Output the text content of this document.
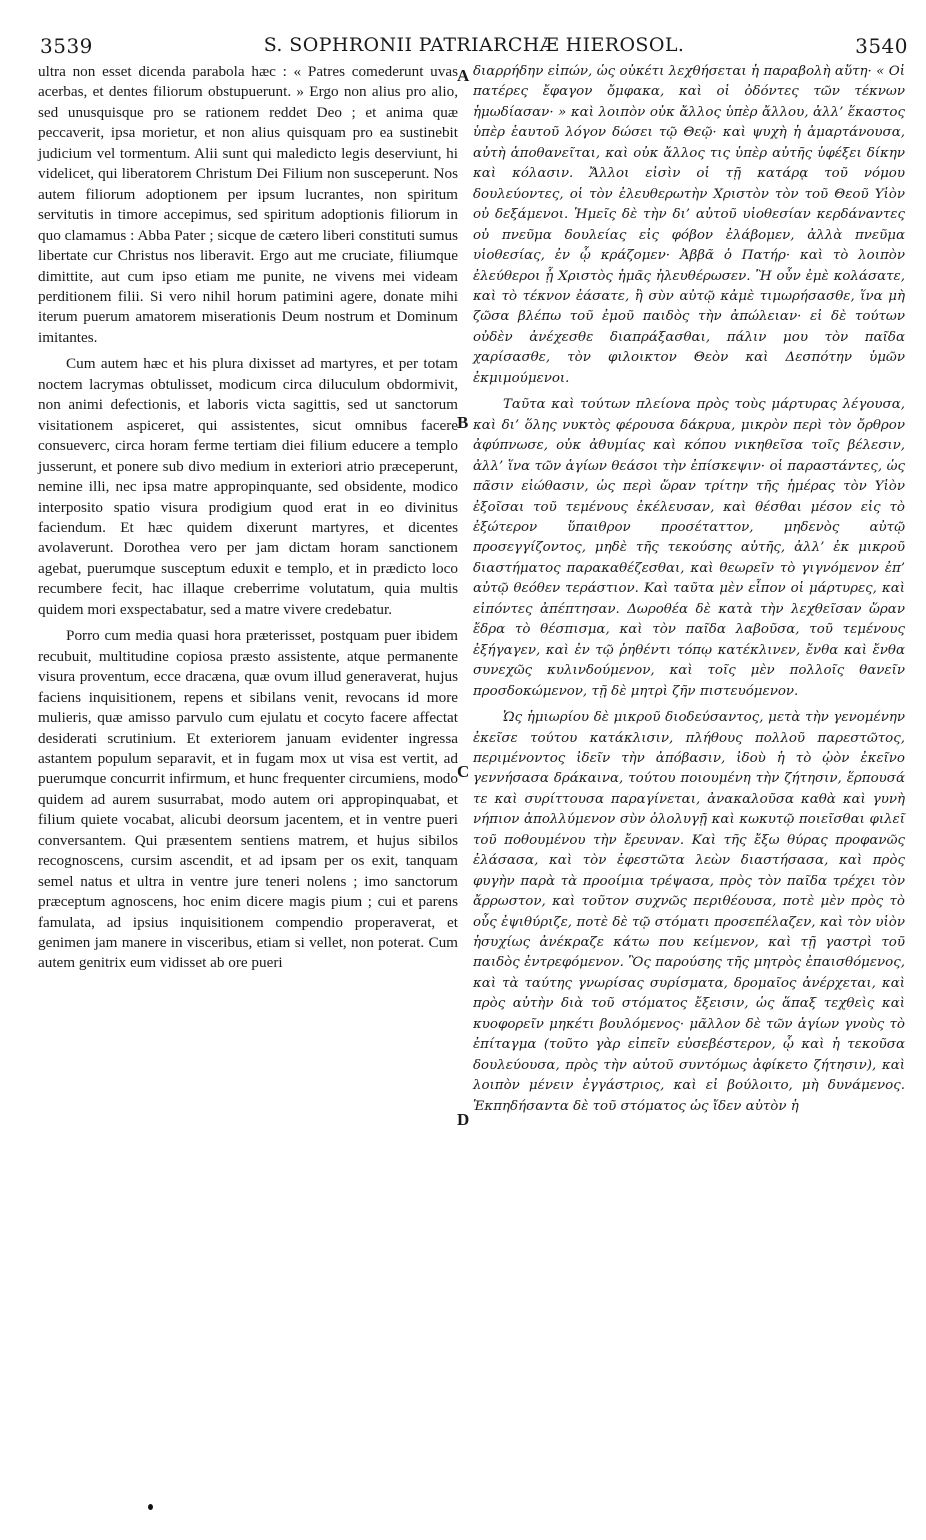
3539	S. SOPHRONII PATRIARCHÆ HIEROSOL.	3540

ultra non esset dicenda parabola hæc : « Patres comederunt uvas acerbas, et dentes filiorum obstupuerunt. » Ergo non alius pro alio, sed unusquisque pro se rationem reddet Deo ; et anima quæ peccaverit, ipsa morietur, et non alius quisquam pro ea sustinebit judicium vel tormentum. Alii sunt qui maledicto legis deserviunt, hi videlicet, qui liberatorem Christum Dei Filium non susceperunt. Nos autem filiorum adoptionem per ipsum lucrantes, non spiritum servitutis in timore accepimus, sed spiritum adoptionis filiorum in quo clamamus : Abba Pater ; sicque de cætero liberi constituti sumus libertate cur Christus nos liberavit. Ergo aut me cruciate, filiumque dimittite, aut cum ipso etiam me punite, ne vivens mei videam perditionem filii. Si vero nihil horum patimini agere, donate mihi iterum puerum amatorem miserationis Deum nostrum et Dominum imitantes.

Cum autem hæc et his plura dixisset ad martyres, et per totam noctem lacrymas obtulisset, modicum circa diluculum obdormivit, non animi defectionis, et laboris victa sagittis, sed ut sanctorum visitationem aspiceret, qui assistentes, sicut omnibus facere consueverc, circa horam ferme tertiam diei filium educere a templo jusserunt, et ponere sub divo medium in exteriori atrio præceperunt, nemine illi, nec ipsa matre appropinquante, sed obsidente, modico interposito spatio visura prodigium quod erat in eo divinitus faciendum. Et hæc quidem dixerunt martyres, et dicentes avolaverunt. Dorothea vero per jam dictam horam sanctionem agebat, puerumque susceptum eduxit e templo, et in prædicto loco recumbere fecit, hac illaque creberrime volutatum, quia multis quidem mori exspectabatur, sed a matre vivere credebatur.

Porro cum media quasi hora præterisset, postquam puer ibidem recubuit, multitudine copiosa præsto assistente, atque permanente visura proventum, ecce dracæna, quæ ovum illud generaverat, hujus faciens inquisitionem, repens et sibilans venit, revocans id more mulieris, quæ amisso parvulo cum ejulatu et cocyto facere affectat desiderati scrutinium. Et exteriorem januam evidenter ingressa astantem populum separavit, et in fugam mox ut visa est vertit, ad puerumque concurrit infirmum, et hunc frequenter circumiens, modo quidem ad aurem susurrabat, modo autem ori appropinquabat, et filium quiete vocabat, alicubi deorsum jacentem, et in ventre pueri conversantem. Qui præsentem sentiens matrem, et hujus sibilos recognoscens, cursim ascendit, et ad ipsam per os exit, tanquam semel natus et ultra in ventre jure teneri nolens ; imo sanctorum præceptum agnoscens, hoc enim dicere magis pium ; cui et parens famulata, ad ipsius inquisitionem compendio properaverat, et genimen jam manere in visceribus, etiam si vellet, non poterat. Cum autem genitrix eum vidisset ab ore pueri

A
B
C
D

διαρρήδην εἰπών, ὡς οὐκέτι λεχθήσεται ἡ παραβολὴ αὕτη· « Οἱ πατέρες ἔφαγον ὄμφακα, καὶ οἱ ὀδόντες τῶν τέκνων ἡμωδίασαν· » καὶ λοιπὸν οὐκ ἄλλος ὑπὲρ ἄλλου, ἀλλ’ ἕκαστος ὑπὲρ ἑαυτοῦ λόγον δώσει τῷ Θεῷ· καὶ ψυχὴ ἡ ἁμαρτάνουσα, αὐτὴ ἀποθανεῖται, καὶ οὐκ ἄλλος τις ὑπὲρ αὐτῆς ὑφέξει δίκην καὶ κόλασιν. Ἄλλοι εἰσὶν οἱ τῇ κατάρᾳ τοῦ νόμου δουλεύοντες, οἱ τὸν ἐλευθερωτὴν Χριστὸν τὸν τοῦ Θεοῦ Υἱὸν οὐ δεξάμενοι. Ἡμεῖς δὲ τὴν δι’ αὐτοῦ υἱοθεσίαν κερδάναντες οὐ πνεῦμα δουλείας εἰς φόβον ἐλάβομεν, ἀλλὰ πνεῦμα υἱοθεσίας, ἐν ᾧ κράζομεν· Ἀββᾶ ὁ Πατήρ· καὶ τὸ λοιπὸν ἐλεύθεροι ᾗ Χριστὸς ἡμᾶς ἠλευθέρωσεν. Ἢ οὖν ἐμὲ κολάσατε, καὶ τὸ τέκνον ἐάσατε, ἢ σὺν αὐτῷ κἀμὲ τιμωρήσασθε, ἵνα μὴ ζῶσα βλέπω τοῦ ἐμοῦ παιδὸς τὴν ἀπώλειαν· εἰ δὲ τούτων οὐδὲν ἀνέχεσθε διαπράξασθαι, πάλιν μου τὸν παῖδα χαρίσασθε, τὸν φιλοικτον Θεὸν καὶ Δεσπότην ὑμῶν ἐκμιμούμενοι.

Ταῦτα καὶ τούτων πλείονα πρὸς τοὺς μάρτυρας λέγουσα, καὶ δι’ ὅλης νυκτὸς φέρουσα δάκρυα, μικρὸν περὶ τὸν ὄρθρον ἀφύπνωσε, οὐκ ἀθυμίας καὶ κόπου νικηθεῖσα τοῖς βέλεσιν, ἀλλ’ ἵνα τῶν ἁγίων θεάσοι τὴν ἐπίσκεψιν· οἱ παραστάντες, ὡς πᾶσιν εἰώθασιν, ὡς περὶ ὥραν τρίτην τῆς ἡμέρας τὸν Υἱὸν ἐξοῖσαι τοῦ τεμένους ἐκέλευσαν, καὶ θέσθαι μέσον εἰς τὸ ἐξώτερον ὕπαιθρον προσέταττον, μηδενὸς αὐτῷ προσεγγίζοντος, μηδὲ τῆς τεκούσης αὐτῆς, ἀλλ’ ἐκ μικροῦ διαστήματος παρακαθέζεσθαι, καὶ θεωρεῖν τὸ γιγνόμενον ἐπ’ αὐτῷ θεόθεν τεράστιον. Καὶ ταῦτα μὲν εἶπον οἱ μάρτυρες, καὶ εἰπόντες ἀπέπτησαν. Δωροθέα δὲ κατὰ τὴν λεχθεῖσαν ὥραν ἔδρα τὸ θέσπισμα, καὶ τὸν παῖδα λαβοῦσα, τοῦ τεμένους ἐξήγαγεν, καὶ ἐν τῷ ῥηθέντι τόπῳ κατέκλινεν, ἔνθα καὶ ἔνθα συνεχῶς κυλινδούμενον, καὶ τοῖς μὲν πολλοῖς θανεῖν προσδοκώμενον, τῇ δὲ μητρὶ ζῆν πιστευόμενον.

Ὡς ἡμιωρίου δὲ μικροῦ διοδεύσαντος, μετὰ τὴν γενομένην ἐκεῖσε τούτου κατάκλισιν, πλήθους πολλοῦ παρεστῶτος, περιμένοντος ἰδεῖν τὴν ἀπόβασιν, ἰδοὺ ἡ τὸ ᾠὸν ἐκεῖνο γεννήσασα δράκαινα, τούτου ποιουμένη τὴν ζήτησιν, ἕρπουσά τε καὶ συρίττουσα παραγίνεται, ἀνακαλοῦσα καθὰ καὶ γυνὴ νήπιον ἀπολλύμενον σὺν ὀλολυγῇ καὶ κωκυτῷ ποιεῖσθαι φιλεῖ τοῦ ποθουμένου τὴν ἔρευναν. Καὶ τῆς ἔξω θύρας προφανῶς ἐλάσασα, καὶ τὸν ἐφεστῶτα λεὼν διαστήσασα, καὶ πρὸς φυγὴν παρὰ τὰ προοίμια τρέψασα, πρὸς τὸν παῖδα τρέχει τὸν ἄρρωστον, καὶ τοῦτον συχνῶς περιθέουσα, ποτὲ μὲν πρὸς τὸ οὖς ἐψιθύριζε, ποτὲ δὲ τῷ στόματι προσεπέλαζεν, καὶ τὸν υἱὸν ἡσυχίως ἀνέκραζε κάτω που κείμενον, καὶ τῇ γαστρὶ τοῦ παιδὸς ἐντρεφόμενον. Ὃς παρούσης τῆς μητρὸς ἐπαισθόμενος, καὶ τὰ ταύτης γνωρίσας συρίσματα, δρομαῖος ἀνέρχεται, καὶ πρὸς αὐτὴν διὰ τοῦ στόματος ἔξεισιν, ὡς ἅπαξ τεχθεὶς καὶ κυοφορεῖν μηκέτι βουλόμενος· μᾶλλον δὲ τῶν ἁγίων γνοὺς τὸ ἐπίταγμα (τοῦτο γὰρ εἰπεῖν εὐσεβέστερον, ᾧ καὶ ἡ τεκοῦσα δουλεύουσα, πρὸς τὴν αὐτοῦ συντόμως ἀφίκετο ζήτησιν), καὶ λοιπὸν μένειν ἐγγάστριος, καὶ εἰ βούλοιτο, μὴ δυνάμενος. Ἐκπηδήσαντα δὲ τοῦ στόματος ὡς ἴδεν αὐτὸν ἡ
